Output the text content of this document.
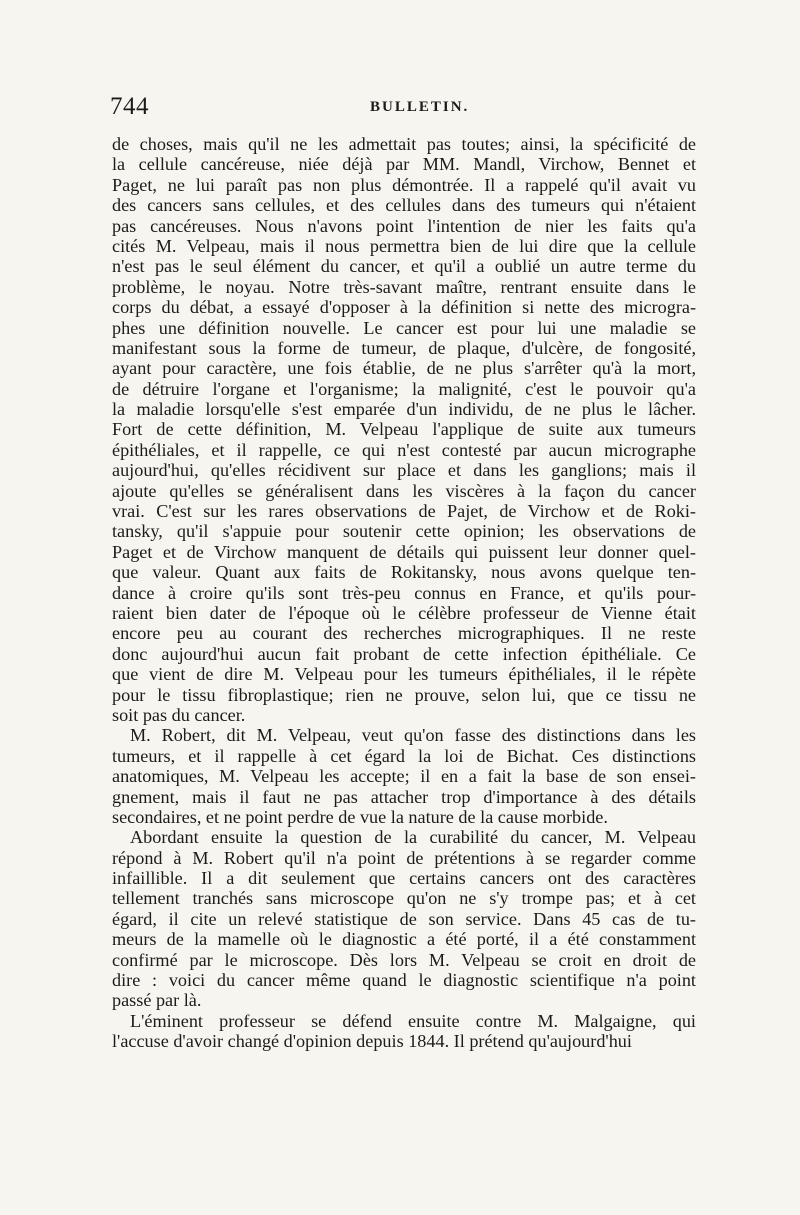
744	BULLETIN.
de choses, mais qu'il ne les admettait pas toutes; ainsi, la spécificité de
la cellule cancéreuse, niée déjà par MM. Mandl, Virchow, Bennet et
Paget, ne lui paraît pas non plus démontrée. Il a rappelé qu'il avait vu
des cancers sans cellules, et des cellules dans des tumeurs qui n'étaient
pas cancéreuses. Nous n'avons point l'intention de nier les faits qu'a
cités M. Velpeau, mais il nous permettra bien de lui dire que la cellule
n'est pas le seul élément du cancer, et qu'il a oublié un autre terme du
problème, le noyau. Notre très-savant maître, rentrant ensuite dans le
corps du débat, a essayé d'opposer à la définition si nette des microgra-
phes une définition nouvelle. Le cancer est pour lui une maladie se
manifestant sous la forme de tumeur, de plaque, d'ulcère, de fongosité,
ayant pour caractère, une fois établie, de ne plus s'arrêter qu'à la mort,
de détruire l'organe et l'organisme; la malignité, c'est le pouvoir qu'a
la maladie lorsqu'elle s'est emparée d'un individu, de ne plus le lâcher.
Fort de cette définition, M. Velpeau l'applique de suite aux tumeurs
épithéliales, et il rappelle, ce qui n'est contesté par aucun micrographe
aujourd'hui, qu'elles récidivent sur place et dans les ganglions; mais il
ajoute qu'elles se généralisent dans les viscères à la façon du cancer
vrai. C'est sur les rares observations de Pajet, de Virchow et de Roki-
tansky, qu'il s'appuie pour soutenir cette opinion; les observations de
Paget et de Virchow manquent de détails qui puissent leur donner quel-
que valeur. Quant aux faits de Rokitansky, nous avons quelque ten-
dance à croire qu'ils sont très-peu connus en France, et qu'ils pour-
raient bien dater de l'époque où le célèbre professeur de Vienne était
encore peu au courant des recherches micrographiques. Il ne reste
donc aujourd'hui aucun fait probant de cette infection épithéliale. Ce
que vient de dire M. Velpeau pour les tumeurs épithéliales, il le répète
pour le tissu fibroplastique; rien ne prouve, selon lui, que ce tissu ne
soit pas du cancer.
M. Robert, dit M. Velpeau, veut qu'on fasse des distinctions dans les
tumeurs, et il rappelle à cet égard la loi de Bichat. Ces distinctions
anatomiques, M. Velpeau les accepte; il en a fait la base de son ensei-
gnement, mais il faut ne pas attacher trop d'importance à des détails
secondaires, et ne point perdre de vue la nature de la cause morbide.
Abordant ensuite la question de la curabilité du cancer, M. Velpeau
répond à M. Robert qu'il n'a point de prétentions à se regarder comme
infaillible. Il a dit seulement que certains cancers ont des caractères
tellement tranchés sans microscope qu'on ne s'y trompe pas; et à cet
égard, il cite un relevé statistique de son service. Dans 45 cas de tu-
meurs de la mamelle où le diagnostic a été porté, il a été constamment
confirmé par le microscope. Dès lors M. Velpeau se croit en droit de
dire : voici du cancer même quand le diagnostic scientifique n'a point
passé par là.
L'éminent professeur se défend ensuite contre M. Malgaigne, qui
l'accuse d'avoir changé d'opinion depuis 1844. Il prétend qu'aujourd'hui
